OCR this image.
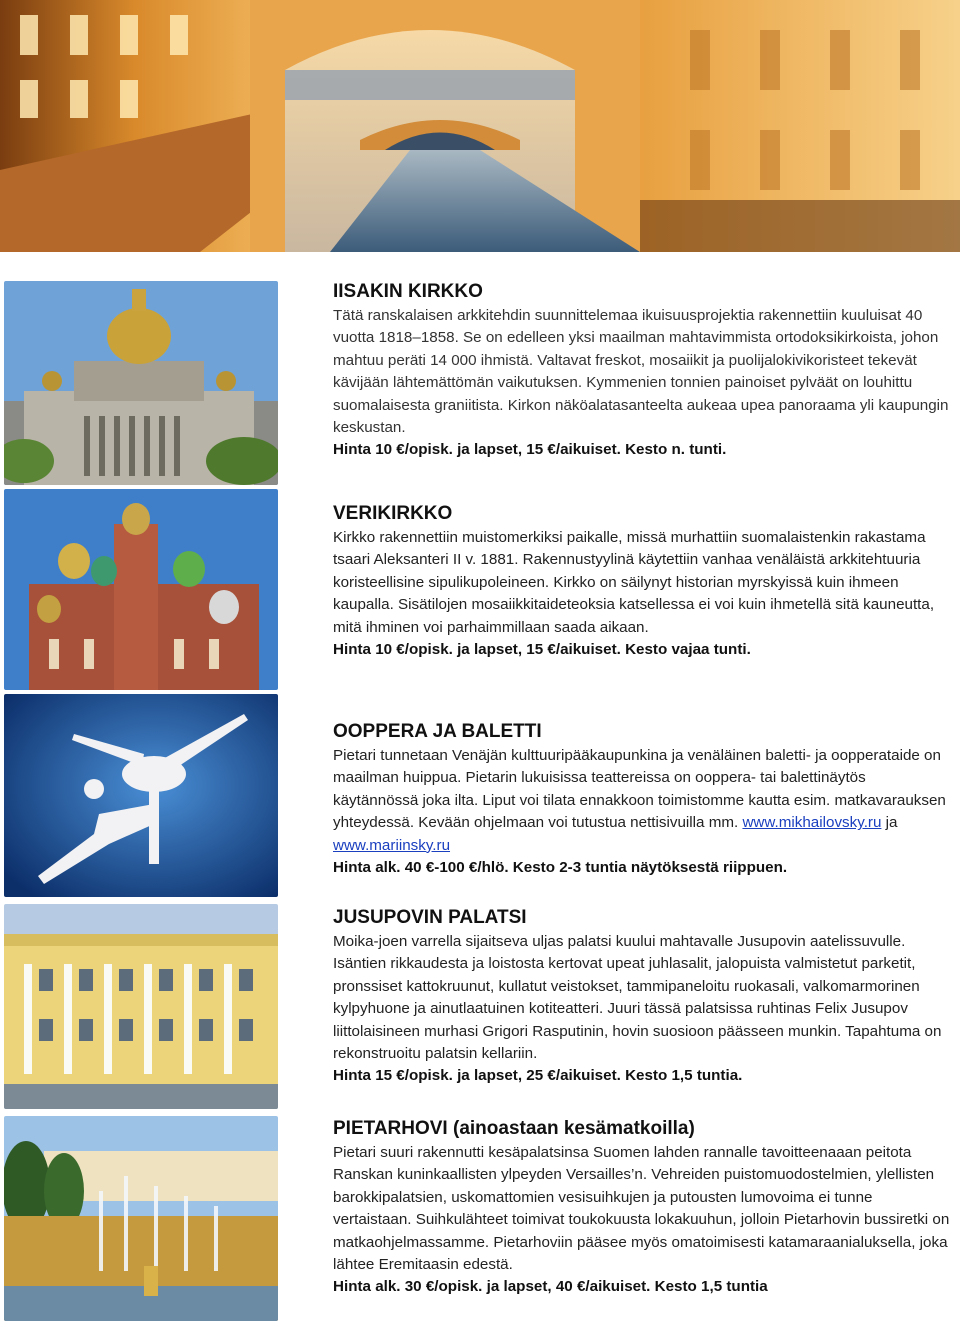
IISAKIN KIRKKO

Tätä ranskalaisen arkkitehdin suunnittelemaa ikuisuusprojektia rakennettiin kuuluisat 40 vuotta 1818–1858. Se on edelleen yksi maailman mahtavimmista ortodoksikirkoista, johon mahtuu peräti 14 000 ihmistä. Valtavat freskot, mosaiikit ja puolijalokivikoristeet tekevät kävijään lähtemättömän vaikutuksen. Kymmenien tonnien painoiset pylväät on louhittu suomalaisesta graniitista. Kirkon näköalatasanteelta aukeaa upea panoraama yli kaupungin keskustan.

Hinta 10 €/opisk. ja lapset, 15 €/aikuiset. Kesto n. tunti.

VERIKIRKKO

Kirkko rakennettiin muistomerkiksi paikalle, missä murhattiin suomalaistenkin rakastama tsaari Aleksanteri II v. 1881. Rakennustyylinä käytettiin vanhaa venäläistä arkkitehtuuria koristeellisine sipulikupoleineen. Kirkko on säilynyt historian myrskyissä kuin ihmeen kaupalla. Sisätilojen mosaiikkitaideteoksia katsellessa ei voi kuin ihmetellä sitä kauneutta, mitä ihminen voi parhaimmillaan saada aikaan.

Hinta 10 €/opisk. ja lapset, 15 €/aikuiset. Kesto vajaa tunti.

OOPPERA JA BALETTI

Pietari tunnetaan Venäjän kulttuuripääkaupunkina ja venäläinen baletti- ja oopperataide on maailman huippua. Pietarin lukuisissa teattereissa on ooppera- tai balettinäytös käytännössä joka ilta. Liput voi tilata ennakkoon toimistomme kautta esim. matkavarauksen yhteydessä. Kevään ohjelmaan voi tutustua nettisivuilla mm. www.mikhailovsky.ru ja www.mariinsky.ru

Hinta alk. 40 €-100 €/hlö. Kesto 2-3 tuntia näytöksestä riippuen.

JUSUPOVIN PALATSI

Moika-joen varrella sijaitseva uljas palatsi kuului mahtavalle Jusupovin aatelissuvulle. Isäntien rikkaudesta ja loistosta kertovat upeat juhlasalit, jalopuista valmistetut parketit, pronssiset kattokruunut, kullatut veistokset, tammipaneloitu ruokasali, valkomarmorinen kylpyhuone ja ainutlaatuinen kotiteatteri. Juuri tässä palatsissa ruhtinas Felix Jusupov liittolaisineen murhasi Grigori Rasputinin, hovin suosioon päässeen munkin. Tapahtuma on rekonstruoitu palatsin kellariin.

Hinta 15 €/opisk. ja lapset, 25 €/aikuiset. Kesto 1,5 tuntia.

PIETARHOVI (ainoastaan kesämatkoilla)

Pietari suuri rakennutti kesäpalatsinsa Suomen lahden rannalle tavoitteenaaan peitota Ranskan kuninkaallisten ylpeyden Versailles’n. Vehreiden puistomuodostelmien, ylellisten barokkipalatsien, uskomattomien vesisuihkujen ja putousten lumovoima ei tunne vertaistaan. Suihkulähteet toimivat toukokuusta lokakuuhun, jolloin Pietarhovin bussiretki on matkaohjelmassamme. Pietarhoviin pääsee myös omatoimisesti katamaraanialuksella, joka lähtee Eremitaasin edestä.

Hinta alk. 30 €/opisk. ja lapset, 40 €/aikuiset. Kesto 1,5 tuntia
